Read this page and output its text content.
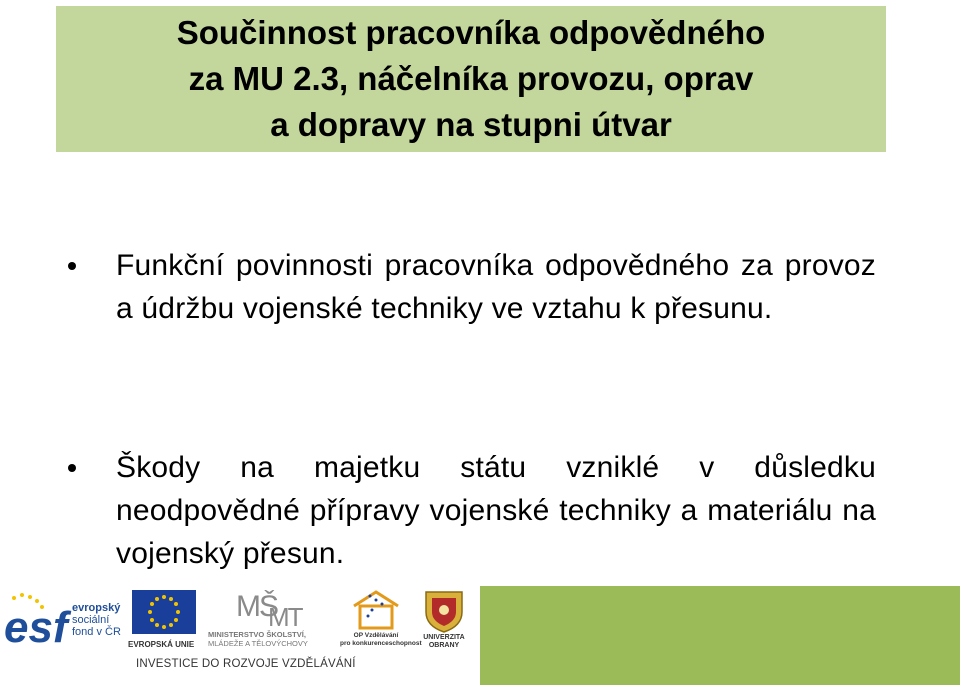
Součinnost pracovníka odpovědného
za MU 2.3, náčelníka provozu, oprav
a dopravy na stupni útvar
Funkční povinnosti pracovníka odpovědného za provoz a údržbu vojenské techniky ve vztahu k přesunu.
Škody na majetku státu vzniklé v důsledku neodpovědné přípravy vojenské techniky a materiálu na vojenský přesun.
esf evropský
sociální
fond v ČR
EVROPSKÁ UNIE
MŠ
MT
MINISTERSTVO ŠKOLSTVÍ,
MLÁDEŽE A TĚLOVÝCHOVY
OP Vzdělávání
pro konkurenceschopnost
UNIVERZITA
OBRANY
INVESTICE DO ROZVOJE VZDĚLÁVÁNÍ
